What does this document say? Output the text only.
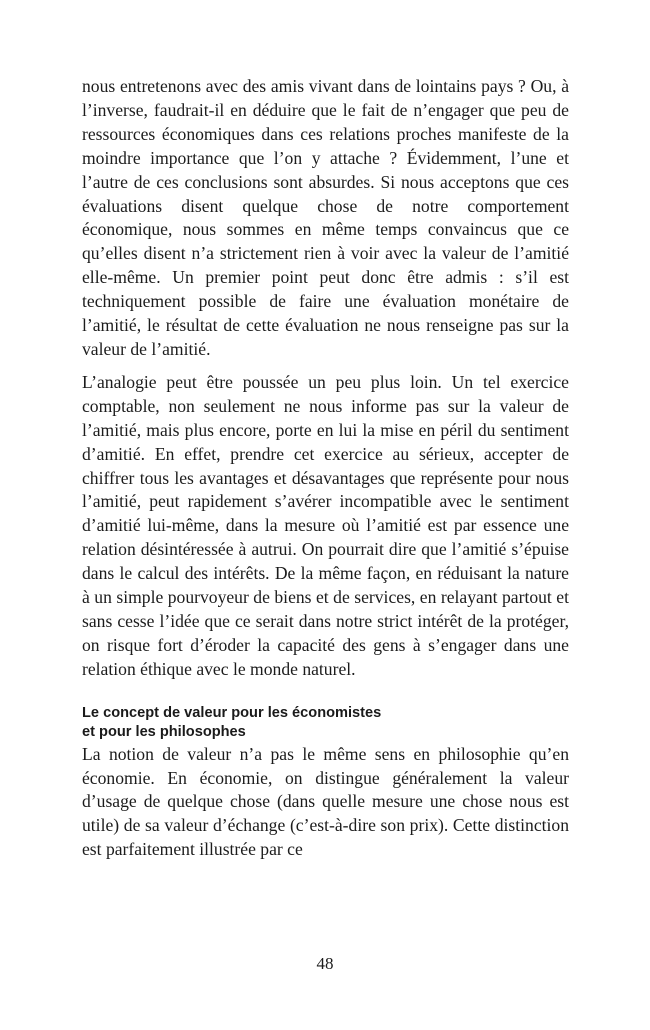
nous entretenons avec des amis vivant dans de lointains pays ? Ou, à l’inverse, faudrait-il en déduire que le fait de n’engager que peu de ressources économiques dans ces relations proches manifeste de la moindre importance que l’on y attache ? Évidemment, l’une et l’autre de ces conclusions sont absurdes. Si nous acceptons que ces évaluations disent quelque chose de notre comportement économique, nous sommes en même temps convaincus que ce qu’elles disent n’a strictement rien à voir avec la valeur de l’amitié elle-même. Un premier point peut donc être admis : s’il est techniquement possible de faire une évaluation monétaire de l’amitié, le résultat de cette évaluation ne nous renseigne pas sur la valeur de l’amitié.

L’analogie peut être poussée un peu plus loin. Un tel exercice comptable, non seulement ne nous informe pas sur la valeur de l’amitié, mais plus encore, porte en lui la mise en péril du sentiment d’amitié. En effet, prendre cet exercice au sérieux, accepter de chiffrer tous les avantages et désavantages que représente pour nous l’amitié, peut rapidement s’avérer incompatible avec le sentiment d’amitié lui-même, dans la mesure où l’amitié est par essence une relation désintéressée à autrui. On pourrait dire que l’amitié s’épuise dans le calcul des intérêts. De la même façon, en réduisant la nature à un simple pourvoyeur de biens et de services, en relayant partout et sans cesse l’idée que ce serait dans notre strict intérêt de la protéger, on risque fort d’éroder la capacité des gens à s’engager dans une relation éthique avec le monde naturel.

Le concept de valeur pour les économistes
et pour les philosophes

La notion de valeur n’a pas le même sens en philosophie qu’en économie. En économie, on distingue généralement la valeur d’usage de quelque chose (dans quelle mesure une chose nous est utile) de sa valeur d’échange (c’est-à-dire son prix). Cette distinction est parfaitement illustrée par ce

48
